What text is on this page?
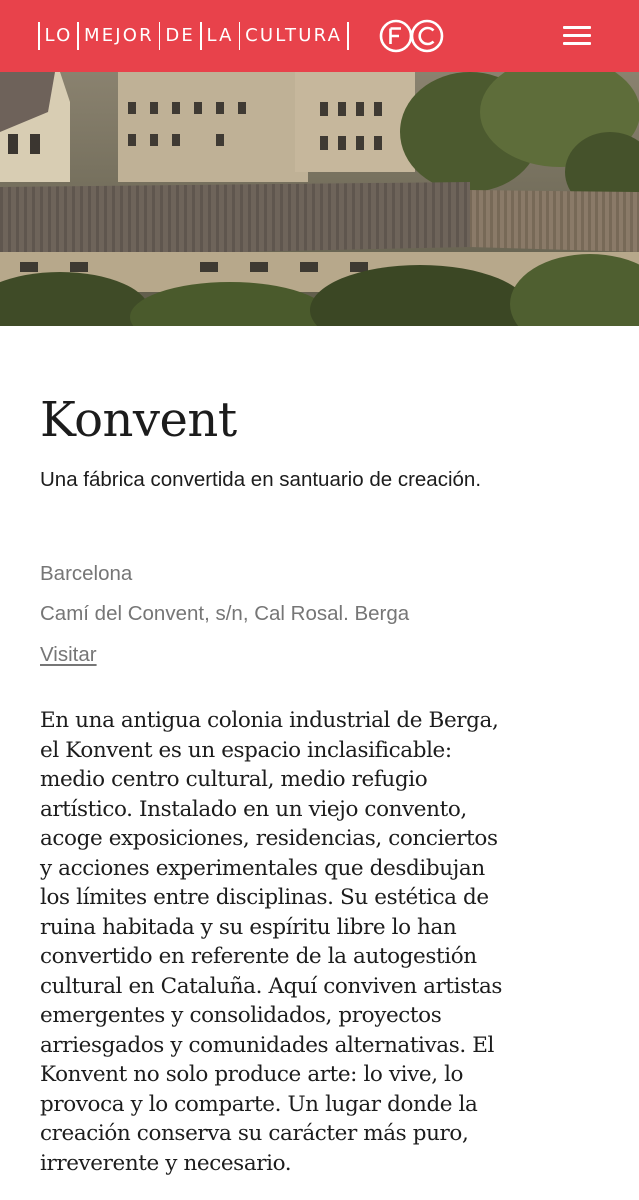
LO MEJOR DE LA CULTURA
Konvent

Una fábrica convertida en santuario de creación.

Barcelona

Camí del Convent, s/n, Cal Rosal. Berga

Visitar
En una antigua colonia industrial de Berga,
el Konvent es un espacio inclasificable:
medio centro cultural, medio refugio
artístico. Instalado en un viejo convento,
acoge exposiciones, residencias, conciertos
y acciones experimentales que desdibujan
los límites entre disciplinas. Su estética de
ruina habitada y su espíritu libre lo han
convertido en referente de la autogestión
cultural en Cataluña. Aquí conviven artistas
emergentes y consolidados, proyectos
arriesgados y comunidades alternativas. El
Konvent no solo produce arte: lo vive, lo
provoca y lo comparte. Un lugar donde la
creación conserva su carácter más puro,
irreverente y necesario.
